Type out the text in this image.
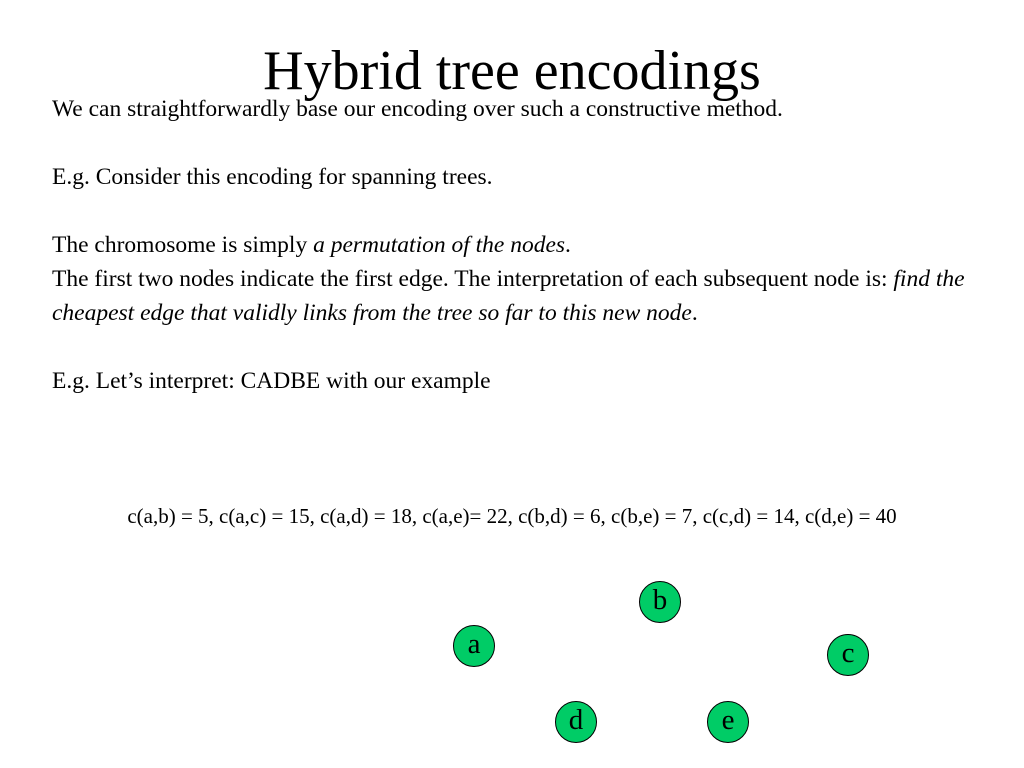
Hybrid tree encodings

We can straightforwardly base our encoding over such a constructive method.

E.g. Consider this encoding for spanning trees.

The chromosome is simply a permutation of the nodes.

The first two nodes indicate the first edge. The interpretation of each subsequent node is: find the cheapest edge that validly links from the tree so far to this new node.

E.g. Let’s interpret: CADBE with our example

c(a,b) = 5, c(a,c) = 15, c(a,d) = 18, c(a,e)= 22, c(b,d) = 6, c(b,e) = 7, c(c,d) = 14, c(d,e) = 40
a
b
c
d	e
